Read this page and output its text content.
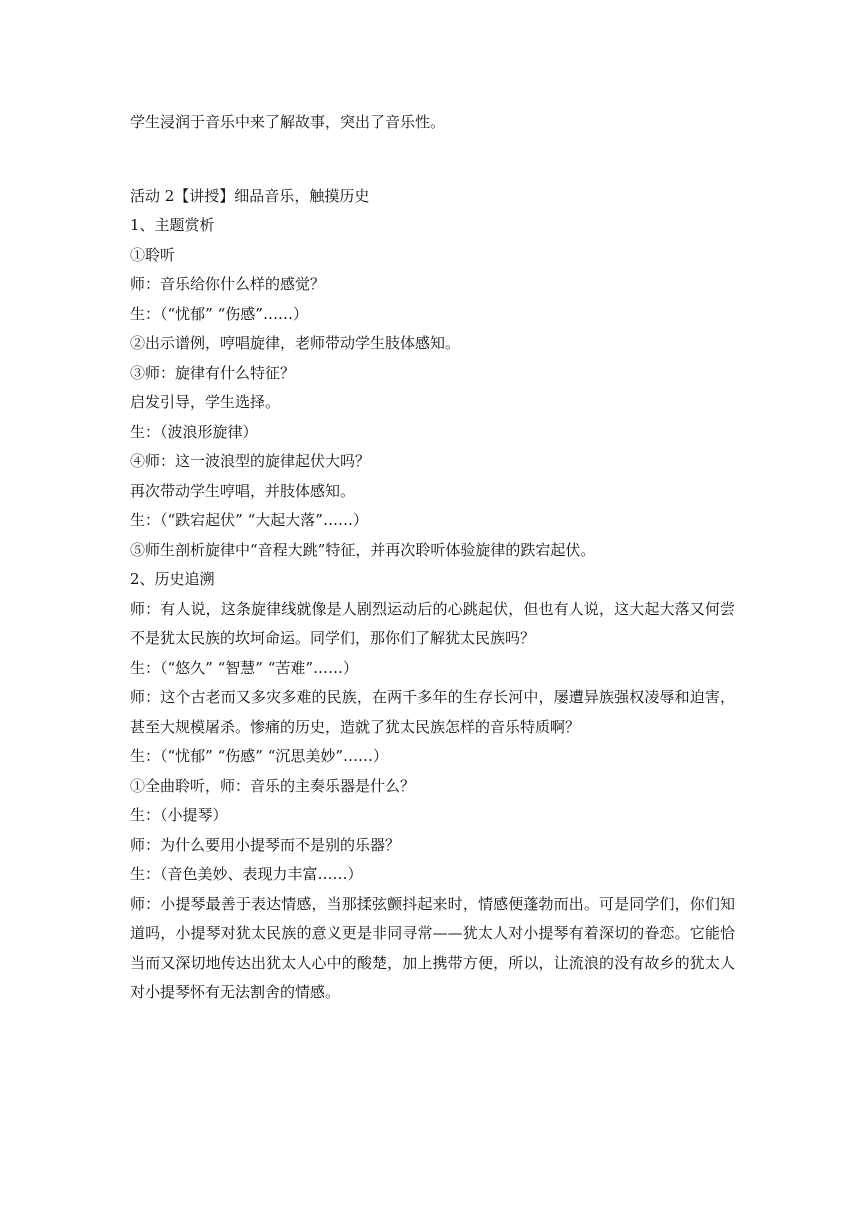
学生浸润于音乐中来了解故事，突出了音乐性。

活动 2【讲授】细品音乐，触摸历史

1、主题赏析

①聆听

师：音乐给你什么样的感觉？

生：（“忧郁” “伤感”……）

②出示谱例，哼唱旋律，老师带动学生肢体感知。

③师：旋律有什么特征？

启发引导，学生选择。

生：（波浪形旋律）

④师：这一波浪型的旋律起伏大吗？

再次带动学生哼唱，并肢体感知。

生：（“跌宕起伏” “大起大落”……）

⑤师生剖析旋律中“音程大跳”特征，并再次聆听体验旋律的跌宕起伏。

2、历史追溯

师：有人说，这条旋律线就像是人剧烈运动后的心跳起伏，但也有人说，这大起大落又何尝不是犹太民族的坎坷命运。同学们，那你们了解犹太民族吗？

生：（“悠久” “智慧” “苦难”……）

师：这个古老而又多灾多难的民族，在两千多年的生存长河中，屡遭异族强权凌辱和迫害，甚至大规模屠杀。惨痛的历史，造就了犹太民族怎样的音乐特质啊？

生：（“忧郁” “伤感” “沉思美妙”……）

①全曲聆听，师：音乐的主奏乐器是什么？

生：（小提琴）

师：为什么要用小提琴而不是别的乐器？

生：（音色美妙、表现力丰富……）

师：小提琴最善于表达情感，当那揉弦颤抖起来时，情感便蓬勃而出。可是同学们，你们知道吗，小提琴对犹太民族的意义更是非同寻常——犹太人对小提琴有着深切的眷恋。它能恰当而又深切地传达出犹太人心中的酸楚，加上携带方便，所以，让流浪的没有故乡的犹太人对小提琴怀有无法割舍的情感。
